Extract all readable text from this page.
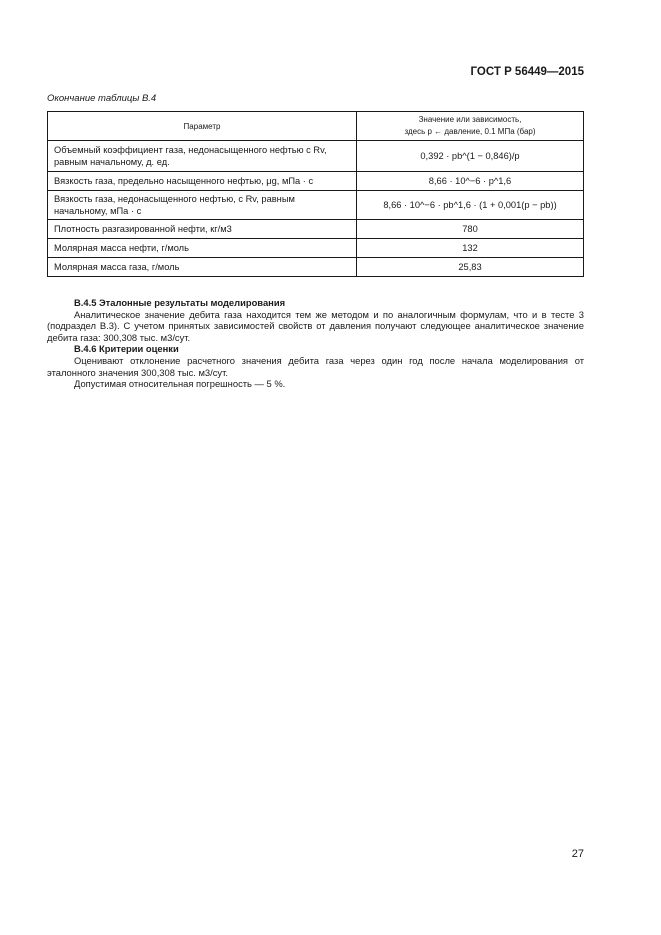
ГОСТ Р 56449—2015
Окончание таблицы В.4
Параметр	Значение или зависимость,
здесь p ← давление, 0.1 МПа (бар)
Объемный коэффициент газа, недонасыщенного нефтью с Rv, равным начальному, д. ед.	0,392 · pb^(1 − 0,846)/p
Вязкость газа, предельно насыщенного нефтью, μg, мПа · с	8,66 · 10^−6 · p^1,6
Вязкость газа, недонасыщенного нефтью, с Rv, равным начальному, мПа · с	8,66 · 10^−6 · pb^1,6 · (1 + 0,001(p − pb))
Плотность разгазированной нефти, кг/м3	780
Молярная масса нефти, г/моль	132
Молярная масса газа, г/моль	25,83

В.4.5 Эталонные результаты моделирования

Аналитическое значение дебита газа находится тем же методом и по аналогичным формулам, что и в тесте 3 (подраздел В.3). С учетом принятых зависимостей свойств от давления получают следующее аналитическое значение дебита газа: 300,308 тыс. м3/сут.

В.4.6 Критерии оценки

Оценивают отклонение расчетного значения дебита газа через один год после начала моделирования от эталонного значения 300,308 тыс. м3/сут.

Допустимая относительная погрешность — 5 %.

27
